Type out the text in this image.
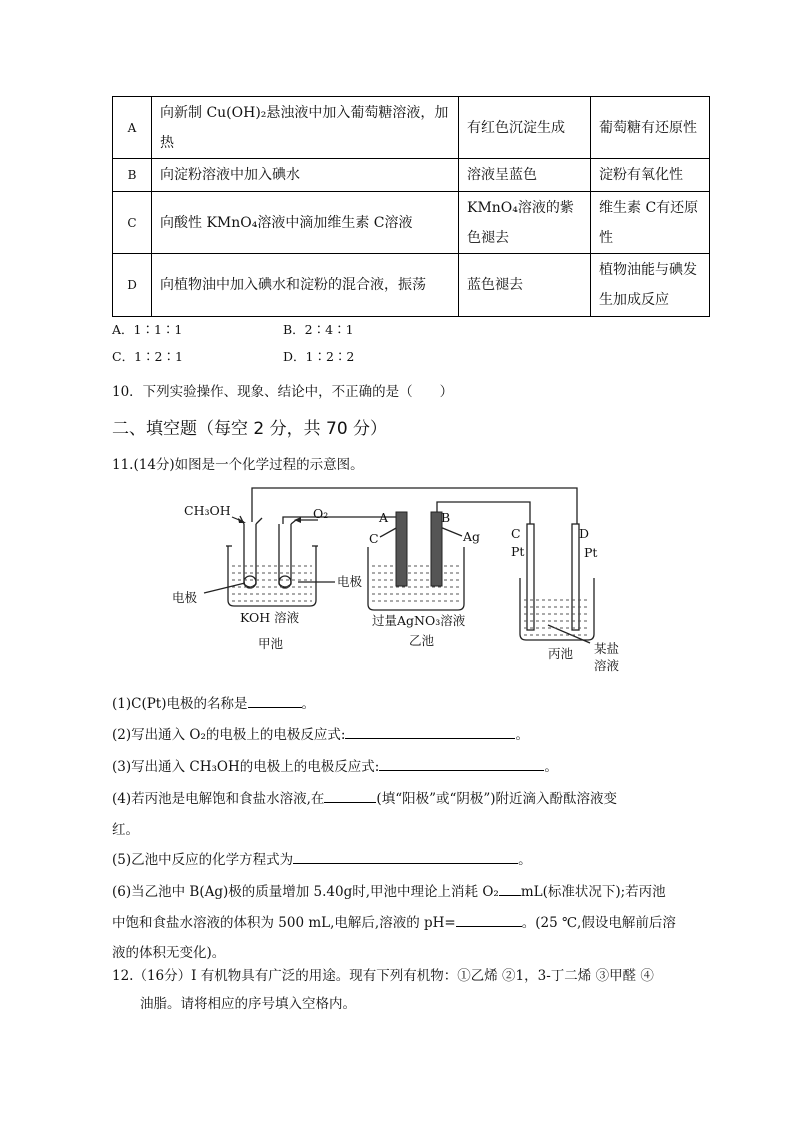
A	向新制 Cu(OH)₂悬浊液中加入葡萄糖溶液，加热	有红色沉淀生成	葡萄糖有还原性
B	向淀粉溶液中加入碘水	溶液呈蓝色	淀粉有氧化性
C	向酸性 KMnO₄溶液中滴加维生素 C溶液	KMnO₄溶液的紫色褪去	维生素 C有还原性
D	向植物油中加入碘水和淀粉的混合液，振荡	蓝色褪去	植物油能与碘发生加成反应
A．1∶1∶1	B．2∶4∶1
C．1∶2∶1	D．1∶2∶2
10．下列实验操作、现象、结论中，不正确的是（　　）
二、填空题（每空 2 分，共 70 分）
11.(14分)如图是一个化学过程的示意图。
CH₃OH	O₂
电极
电极
KOH 溶液
甲池
A	B
C	Ag
过量AgNO₃溶液
乙池
C
Pt
D
Pt
丙池 某盐
溶液
(1)C(Pt)电极的名称是	。
(2)写出通入 O₂的电极上的电极反应式:	。
(3)写出通入 CH₃OH的电极上的电极反应式:	。
(4)若丙池是电解饱和食盐水溶液,在	(填“阳极”或“阴极”)附近滴入酚酞溶液变
红。
(5)乙池中反应的化学方程式为	。
(6)当乙池中 B(Ag)极的质量增加 5.40g时,甲池中理论上消耗 O₂ mL(标准状况下);若丙池
中饱和食盐水溶液的体积为 500 mL,电解后,溶液的 pH=	。(25 ℃,假设电解前后溶
液的体积无变化)。
12.（16分）Ⅰ 有机物具有广泛的用途。现有下列有机物：①乙烯 ②1，3-丁二烯 ③甲醛 ④
油脂。请将相应的序号填入空格内。
